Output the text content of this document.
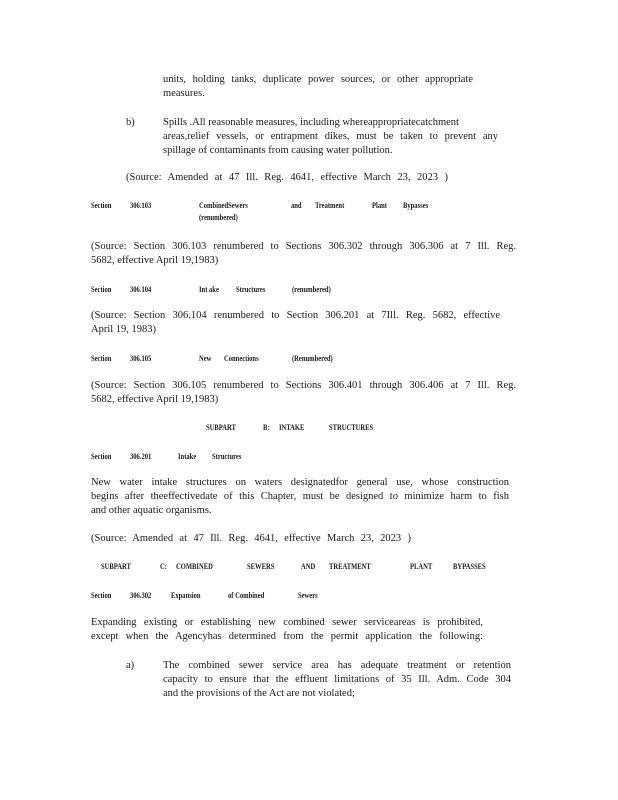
units, holding tanks, duplicate power sources, or other appropriate
measures.
b)	Spills .All reasonable measures, including whereappropriatecatchment
areas,relief vessels, or entrapment dikes, must be taken to prevent any
spillage of contaminants from causing water pollution.
(Source: Amended at 47 Ill. Reg. 4641, effective March 23, 2023 )
Section 306.103	CombinedSewers	and Treatment	Plant Bypasses
(renumbered)
(Source: Section 306.103 renumbered to Sections 306.302 through 306.306 at 7 Ill. Reg.
5682, effective April 19,1983)
Section 306.104	Int ake Structures	(renumbered)
(Source: Section 306.104 renumbered to Section 306.201 at 7Ill. Reg. 5682, effective
April 19, 1983)
Section 306.105	New Connections	(Renumbered)
(Source: Section 306.105 renumbered to Sections 306.401 through 306.406 at 7 Ill. Reg.
5682, effective April 19,1983)
SUBPART	B: INTAKE	STRUCTURES
Section 306.201	Intake Structures
New water intake structures on waters designatedfor general use, whose construction
begins after theeffectivedate of this Chapter, must be designed to minimize harm to fish
and other aquatic organisms.
(Source: Amended at 47 Ill. Reg. 4641, effective March 23, 2023 )
SUBPART	C: COMBINED	SEWERS	AND TREATMENT	PLANT	BYPASSES
Section 306.302 Expansion	of Combined	Sewers
Expanding existing or establishing new combined sewer serviceareas is prohibited,
except when the Agencyhas determined from the permit application the following:
a)	The combined sewer service area has adequate treatment or retention
capacity to ensure that the effluent limitations of 35 Ill. Adm. Code 304
and the provisions of the Act are not violated;
